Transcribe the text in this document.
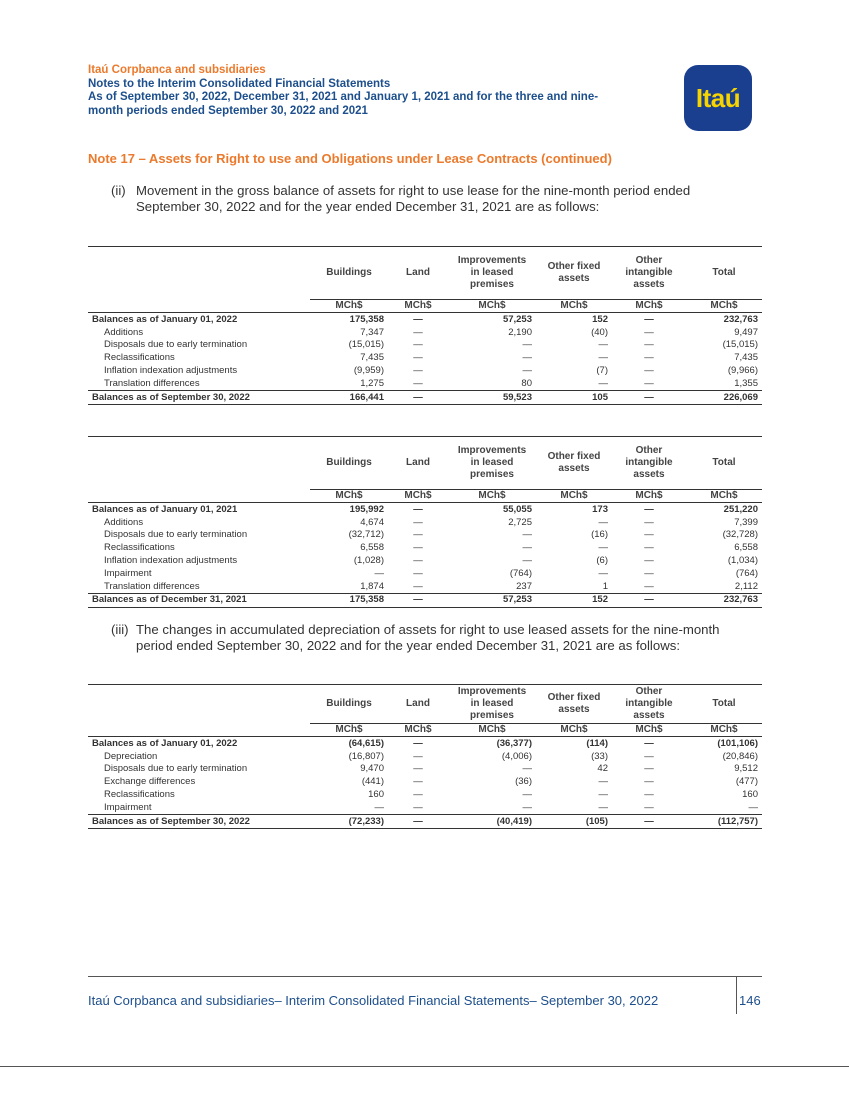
Itaú Corpbanca and subsidiaries
Notes to the Interim Consolidated Financial Statements
As of September 30, 2022, December 31, 2021 and January 1, 2021 and for the three and nine-
month periods ended September 30, 2022 and 2021	Itaú
Note 17 – Assets for Right to use and Obligations under Lease Contracts (continued)
(ii) Movement in the gross balance of assets for right to use lease for the nine-month period ended
September 30, 2022 and for the year ended December 31, 2021 are as follows:
	Buildings	Land	Improvements in leased premises	Other fixed assets	Other intangible assets	Total
	MCh$	MCh$	MCh$	MCh$	MCh$	MCh$
Balances as of January 01, 2022	175,358	—	57,253	152	—	232,763
Additions	7,347	—	2,190	(40)	—	9,497
Disposals due to early termination	(15,015)	—	—	—	—	(15,015)
Reclassifications	7,435	—	—	—	—	7,435
Inflation indexation adjustments	(9,959)	—	—	(7)	—	(9,966)
Translation differences	1,275	—	80	—	—	1,355
Balances as of September 30, 2022	166,441	—	59,523	105	—	226,069
	Buildings	Land	Improvements in leased premises	Other fixed assets	Other intangible assets	Total
	MCh$	MCh$	MCh$	MCh$	MCh$	MCh$
Balances as of January 01, 2021	195,992	—	55,055	173	—	251,220
Additions	4,674	—	2,725	—	—	7,399
Disposals due to early termination	(32,712)	—	—	(16)	—	(32,728)
Reclassifications	6,558	—	—	—	—	6,558
Inflation indexation adjustments	(1,028)	—	—	(6)	—	(1,034)
Impairment	—	—	(764)	—	—	(764)
Translation differences	1,874	—	237	1	—	2,112
Balances as of December 31, 2021	175,358	—	57,253	152	—	232,763
(iii) The changes in accumulated depreciation of assets for right to use leased assets for the nine-month
period ended September 30, 2022 and for the year ended December 31, 2021 are as follows:
	Buildings	Land	Improvements in leased premises	Other fixed assets	Other intangible assets	Total
	MCh$	MCh$	MCh$	MCh$	MCh$	MCh$
Balances as of January 01, 2022	(64,615)	—	(36,377)	(114)	—	(101,106)
Depreciation	(16,807)	—	(4,006)	(33)	—	(20,846)
Disposals due to early termination	9,470	—	—	42	—	9,512
Exchange differences	(441)	—	(36)	—	—	(477)
Reclassifications	160	—	—	—	—	160
Impairment	—	—	—	—	—	—
Balances as of September 30, 2022	(72,233)	—	(40,419)	(105)	—	(112,757)
Itaú Corpbanca and subsidiaries– Interim Consolidated Financial Statements– September 30, 2022	146
